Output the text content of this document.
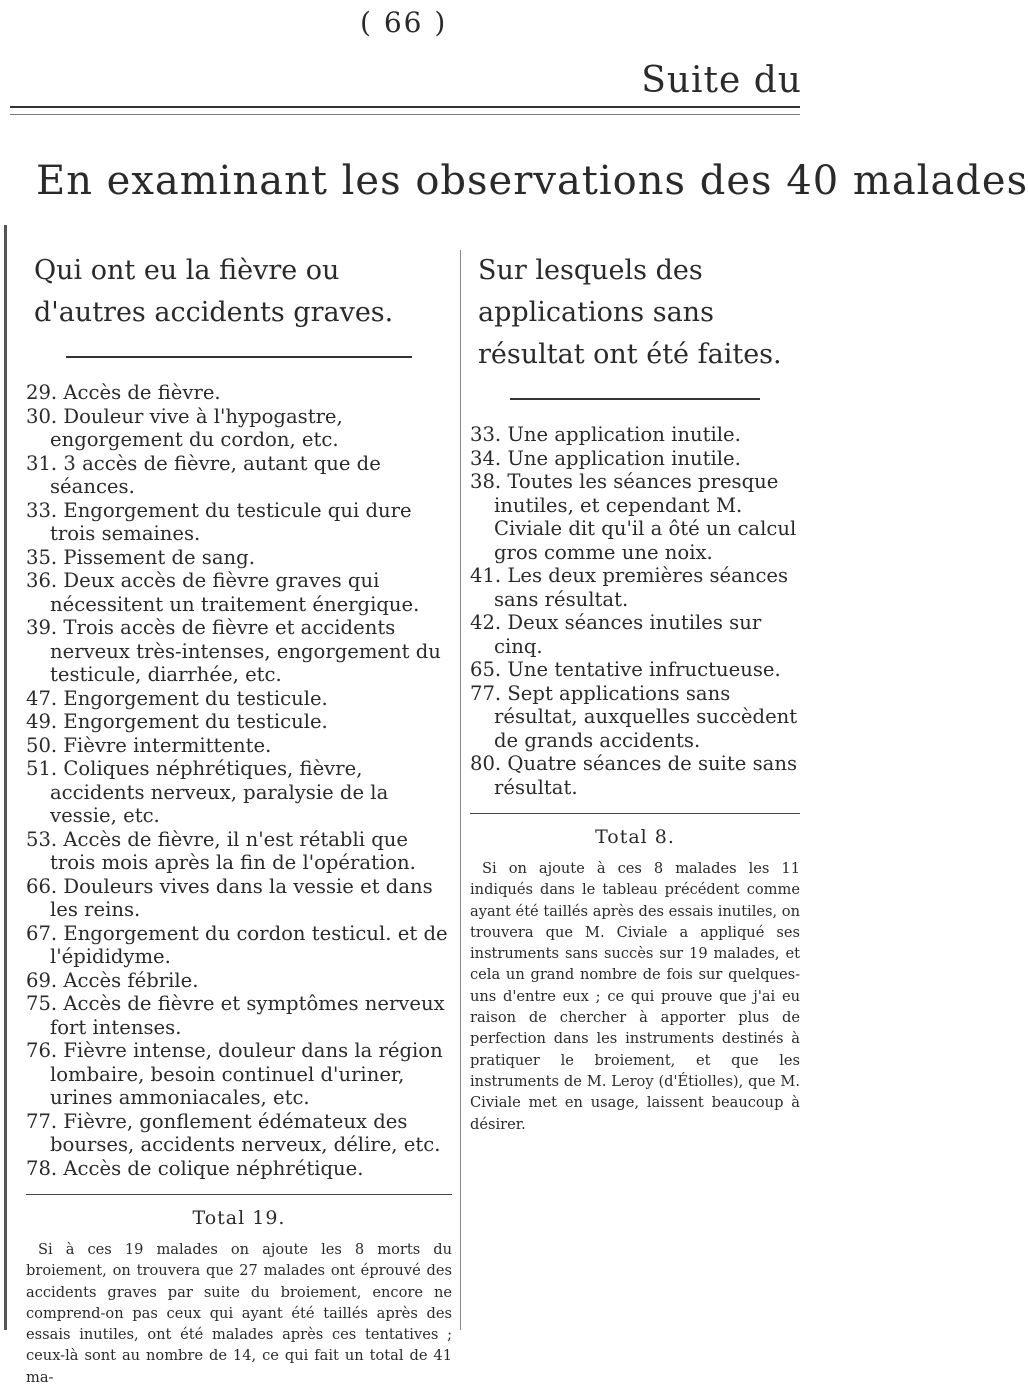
( 66 )
Suite du
En examinant les observations des 40 malades

Qui ont eu la fièvre ou d'autres accidents graves.

29. Accès de fièvre.
30. Douleur vive à l'hypogastre, engorgement du cordon, etc.
31. 3 accès de fièvre, autant que de séances.
33. Engorgement du testicule qui dure trois semaines.
35. Pissement de sang.
36. Deux accès de fièvre graves qui nécessitent un traitement énergique.
39. Trois accès de fièvre et accidents nerveux très-intenses, engorgement du testicule, diarrhée, etc.
47. Engorgement du testicule.
49. Engorgement du testicule.
50. Fièvre intermittente.
51. Coliques néphrétiques, fièvre, accidents nerveux, paralysie de la vessie, etc.
53. Accès de fièvre, il n'est rétabli que trois mois après la fin de l'opération.
66. Douleurs vives dans la vessie et dans les reins.
67. Engorgement du cordon testicul. et de l'épididyme.
69. Accès fébrile.
75. Accès de fièvre et symptômes nerveux fort intenses.
76. Fièvre intense, douleur dans la région lombaire, besoin continuel d'uriner, urines ammoniacales, etc.
77. Fièvre, gonflement édémateux des bourses, accidents nerveux, délire, etc.
78. Accès de colique néphrétique.

Total 19.

Si à ces 19 malades on ajoute les 8 morts du broiement, on trouvera que 27 malades ont éprouvé des accidents graves par suite du broiement, encore ne comprend-on pas ceux qui ayant été taillés après des essais inutiles, ont été malades après ces tentatives ; ceux-là sont au nombre de 14, ce qui fait un total de 41 ma-

Sur lesquels des applications sans résultat ont été faites.

33. Une application inutile.
34. Une application inutile.
38. Toutes les séances presque inutiles, et cependant M. Civiale dit qu'il a ôté un calcul gros comme une noix.
41. Les deux premières séances sans résultat.
42. Deux séances inutiles sur cinq.
65. Une tentative infructueuse.
77. Sept applications sans résultat, auxquelles succèdent de grands accidents.
80. Quatre séances de suite sans résultat.

Total 8.

Si on ajoute à ces 8 malades les 11 indiqués dans le tableau précédent comme ayant été taillés après des essais inutiles, on trouvera que M. Civiale a appliqué ses instruments sans succès sur 19 malades, et cela un grand nombre de fois sur quelques-uns d'entre eux ; ce qui prouve que j'ai eu raison de chercher à apporter plus de perfection dans les instruments destinés à pratiquer le broiement, et que les instruments de M. Leroy (d'Étiolles), que M. Civiale met en usage, laissent beaucoup à désirer.
